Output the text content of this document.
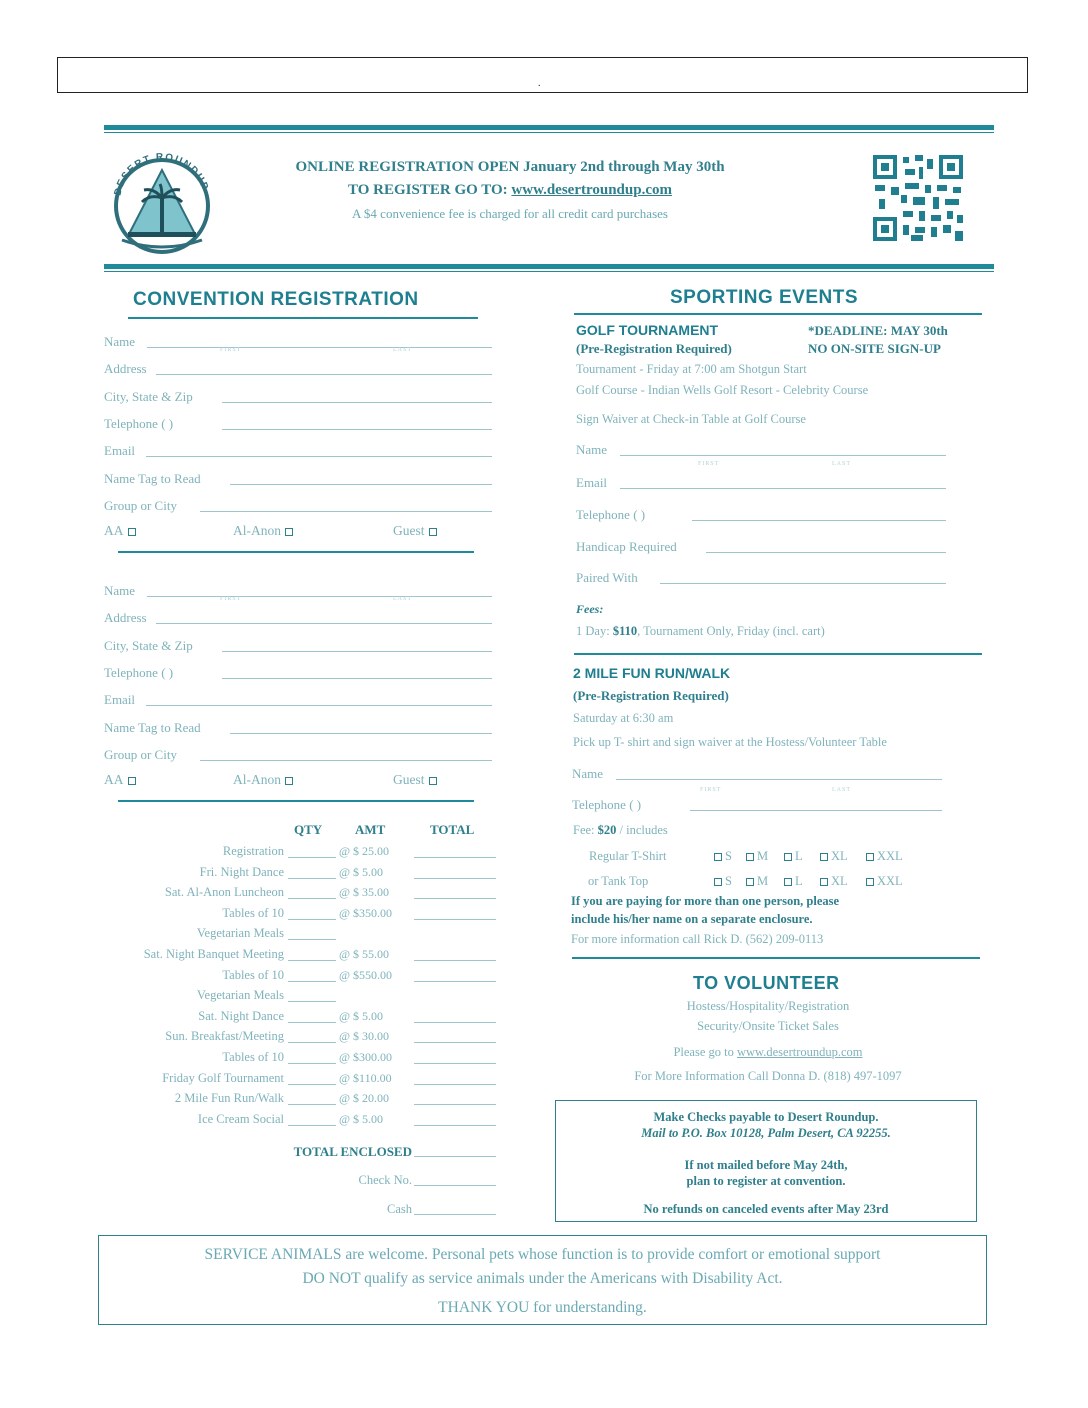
.
DESERT ROUNDUP
ONLINE REGISTRATION OPEN January 2nd through May 30th
TO REGISTER GO TO: www.desertroundup.com
A $4 convenience fee is charged for all credit card purchases
CONVENTION REGISTRATION
Name
Address
City, State & Zip
Telephone ( )
Email
Name Tag to Read
Group or City
FIRST	LAST
AA	Al-Anon	Guest
Name
Address
City, State & Zip
Telephone ( )
Email
Name Tag to Read
Group or City
FIRST	LAST
AA	Al-Anon	Guest
QTY	AMT	TOTAL
Registration	@ $ 25.00
Fri. Night Dance	@ $ 5.00
Sat. Al-Anon Luncheon	@ $ 35.00
Tables of 10	@ $350.00
Vegetarian Meals
Sat. Night Banquet Meeting	@ $ 55.00
Tables of 10	@ $550.00
Vegetarian Meals
Sat. Night Dance	@ $ 5.00
Sun. Breakfast/Meeting	@ $ 30.00
Tables of 10	@ $300.00
Friday Golf Tournament	@ $110.00
2 Mile Fun Run/Walk	@ $ 20.00
Ice Cream Social	@ $ 5.00
TOTAL ENCLOSED
Check No.
Cash
SPORTING EVENTS
GOLF TOURNAMENT	*DEADLINE: MAY 30th
(Pre-Registration Required)	NO ON-SITE SIGN-UP
Tournament - Friday at 7:00 am Shotgun Start
Golf Course - Indian Wells Golf Resort - Celebrity Course
Sign Waiver at Check-in Table at Golf Course
Name
Email
Telephone ( )
Handicap Required
Paired With
FIRST	LAST
Fees:
1 Day: $110, Tournament Only, Friday (incl. cart)
2 MILE FUN RUN/WALK
(Pre-Registration Required)
Saturday at 6:30 am
Pick up T- shirt and sign waiver at the Hostess/Volunteer Table
Name
Telephone ( )
FIRST	LAST
Fee: $20 / includes
Regular T-Shirt	S	M	L	XL	XXL
or Tank Top	S	M	L	XL	XXL
If you are paying for more than one person, please
include his/her name on a separate enclosure.
For more information call Rick D. (562) 209-0113
TO VOLUNTEER
Hostess/Hospitality/Registration
Security/Onsite Ticket Sales
Please go to www.desertroundup.com
For More Information Call Donna D. (818) 497-1097
Make Checks payable to Desert Roundup.
Mail to P.O. Box 10128, Palm Desert, CA 92255.
If not mailed before May 24th,
plan to register at convention.
No refunds on canceled events after May 23rd
SERVICE ANIMALS are welcome. Personal pets whose function is to provide comfort or emotional support
DO NOT qualify as service animals under the Americans with Disability Act.
THANK YOU for understanding.
